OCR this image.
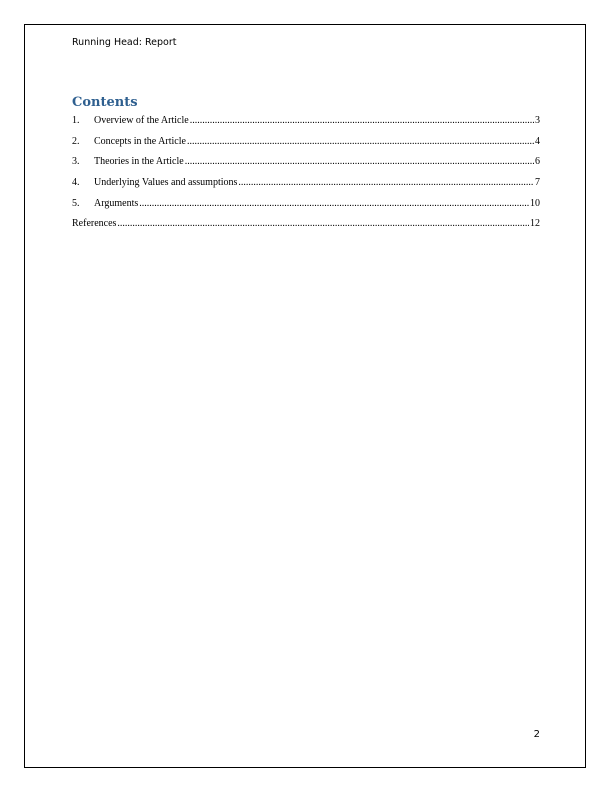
Running Head: Report
Contents
1.	Overview of the Article .....	3
2.	Concepts in the Article .....	4
3.	Theories in the Article .....	6
4.	Underlying Values and assumptions .....	7
5.	Arguments .....	10
References .....	12
2
